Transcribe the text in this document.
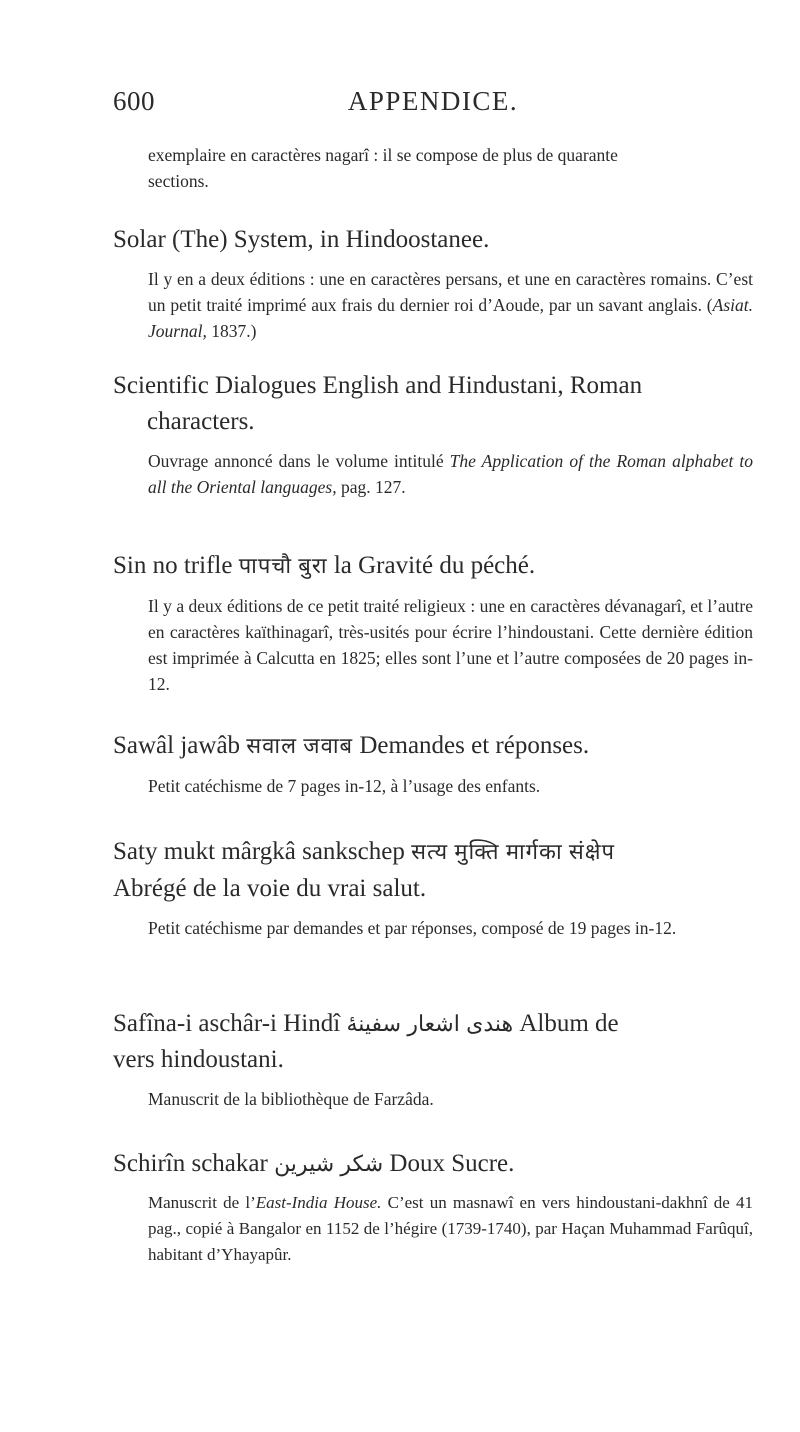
600	APPENDICE.
exemplaire en caractères nagarî : il se compose de plus de quarante
sections.
Solar (The) System, in Hindoostanee.
Il y en a deux éditions : une en caractères persans, et une en caractères romains. C’est un petit traité imprimé aux frais du dernier roi d’Aoude, par un savant anglais. (Asiat. Journal, 1837.)
Scientific Dialogues English and Hindustani, Roman
characters.
Ouvrage annoncé dans le volume intitulé The Application of the Roman alphabet to all the Oriental languages, pag. 127.
Sin no trifle पापचौ बुरा la Gravité du péché.
Il y a deux éditions de ce petit traité religieux : une en caractères dévanagarî, et l’autre en caractères kaïthinagarî, très-usités pour écrire l’hindoustani. Cette dernière édition est imprimée à Calcutta en 1825; elles sont l’une et l’autre composées de 20 pages in-12.
Sawâl jawâb सवाल जवाब Demandes et réponses.
Petit catéchisme de 7 pages in-12, à l’usage des enfants.
Saty mukt mârgkâ sankschep सत्य मुक्ति मार्गका संक्षेप
Abrégé de la voie du vrai salut.
Petit catéchisme par demandes et par réponses, composé de 19 pages in-12.
Safîna-i aschâr-i Hindî سفينهٔ اشعار هندى Album de
vers hindoustani.
Manuscrit de la bibliothèque de Farzâda.
Schirîn schakar شيرين شكر Doux Sucre.
Manuscrit de l’East-India House. C’est un masnawî en vers hindoustani-dakhnî de 41 pag., copié à Bangalor en 1152 de l’hégire (1739-1740), par Haçan Muhammad Farûquî, habitant d’Yhayapûr.
